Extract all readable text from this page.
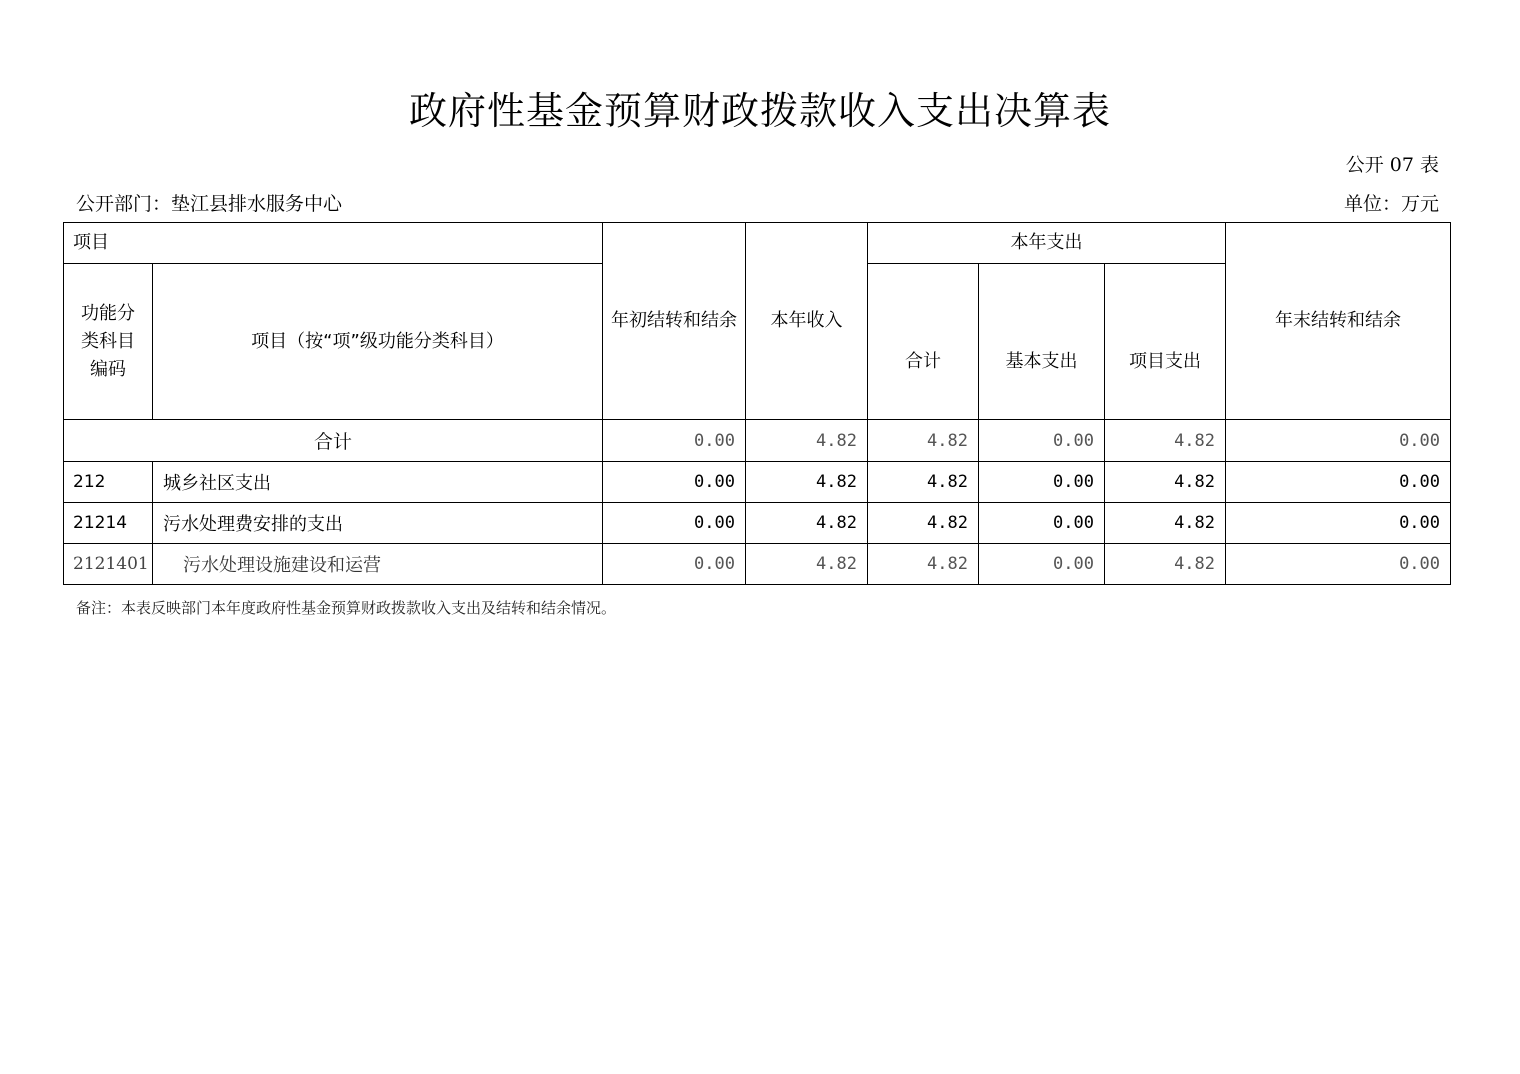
政府性基金预算财政拨款收入支出决算表
公开 07 表
公开部门：垫江县排水服务中心	单位：万元
项目		年初结转和结余	本年收入	本年支出			年末结转和结余
功能分类科目编码	项目（按“项”级功能分类科目）			合计	基本支出	项目支出	
合计		0.00	4.82	4.82	0.00	4.82	0.00
212	城乡社区支出	0.00	4.82	4.82	0.00	4.82	0.00
21214	污水处理费安排的支出	0.00	4.82	4.82	0.00	4.82	0.00
2121401	污水处理设施建设和运营	0.00	4.82	4.82	0.00	4.82	0.00
备注：本表反映部门本年度政府性基金预算财政拨款收入支出及结转和结余情况。
